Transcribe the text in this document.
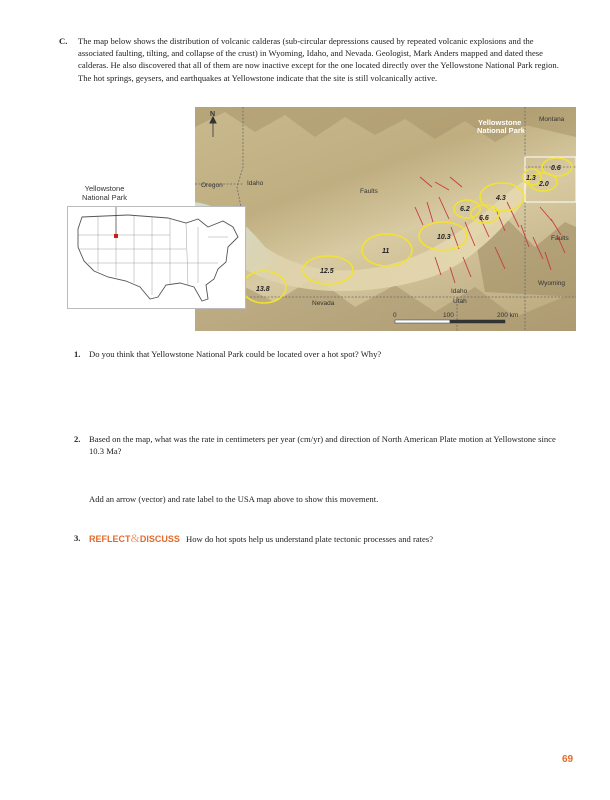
C. The map below shows the distribution of volcanic calderas (sub-circular depressions caused by repeated volcanic explosions and the associated faulting, tilting, and collapse of the crust) in Wyoming, Idaho, and Nevada. Geologist, Mark Anders mapped and dated these calderas. He also discovered that all of them are now inactive except for the one located directly over the Yellowstone National Park region. The hot springs, geysers, and earthquakes at Yellowstone indicate that the site is still volcanically active.
N
Yellowstone
National Park
Montana
Oregon	Idaho
Faults
Faults
Wyoming
Idaho
Utah
Nevada
0	100	200 km
0.6
1.3
2.0
4.3
6.2
6.6
10.3
11
12.5
13.8
Yellowstone
National Park
1. Do you think that Yellowstone National Park could be located over a hot spot? Why?
2. Based on the map, what was the rate in centimeters per year (cm/yr) and direction of North American Plate motion at Yellowstone since 10.3 Ma?
Add an arrow (vector) and rate label to the USA map above to show this movement.
3. REFLECT&DISCUSS How do hot spots help us understand plate tectonic processes and rates?
69
